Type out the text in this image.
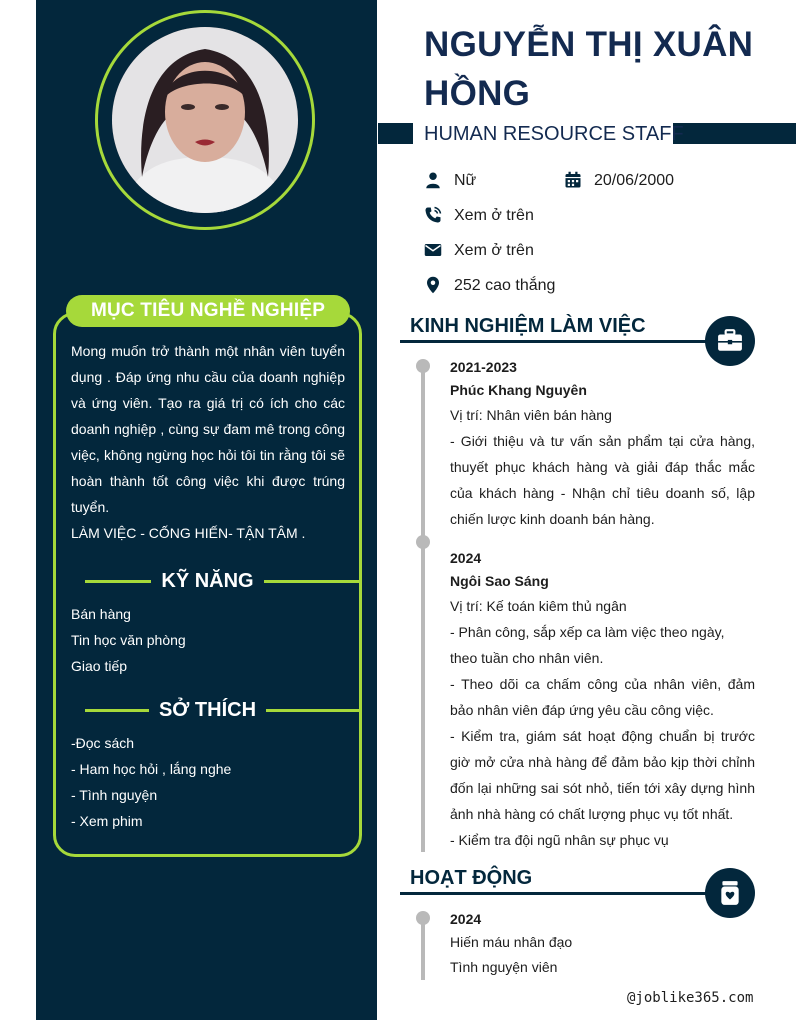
MỤC TIÊU NGHỀ NGHIỆP

Mong muốn trở thành một nhân viên tuyển dụng . Đáp ứng nhu cầu của doanh nghiệp và ứng viên. Tạo ra giá trị có ích cho các doanh nghiệp , cùng sự đam mê trong công việc, không ngừng học hỏi tôi tin rằng tôi sẽ hoàn thành tốt công việc khi được trúng tuyển.

LÀM VIỆC - CỐNG HIẾN- TẬN TÂM .

KỸ NĂNG
Bán hàng
Tin học văn phòng
Giao tiếp
SỞ THÍCH
-Đọc sách
- Ham học hỏi , lắng nghe
- Tình nguyện
- Xem phim
NGUYỄN THỊ XUÂN HỒNG
HUMAN RESOURCE STAFF
Nữ	20/06/2000
Xem ở trên
Xem ở trên
252 cao thắng
KINH NGHIỆM LÀM VIỆC
2021-2023
Phúc Khang Nguyên
Vị trí: Nhân viên bán hàng
- Giới thiệu và tư vấn sản phẩm tại cửa hàng, thuyết phục khách hàng và giải đáp thắc mắc của khách hàng - Nhận chỉ tiêu doanh số, lập chiến lược kinh doanh bán hàng.
2024
Ngôi Sao Sáng
Vị trí: Kế toán kiêm thủ ngân
- Phân công, sắp xếp ca làm việc theo ngày,
theo tuần cho nhân viên.
- Theo dõi ca chấm công của nhân viên, đảm bảo nhân viên đáp ứng yêu cầu công việc.
- Kiểm tra, giám sát hoạt động chuẩn bị trước giờ mở cửa nhà hàng để đảm bảo kịp thời chỉnh đốn lại những sai sót nhỏ, tiến tới xây dựng hình ảnh nhà hàng có chất lượng phục vụ tốt nhất.
- Kiểm tra đội ngũ nhân sự phục vụ
HOẠT ĐỘNG
2024
Hiến máu nhân đạo
Tình nguyện viên
@joblike365.com
